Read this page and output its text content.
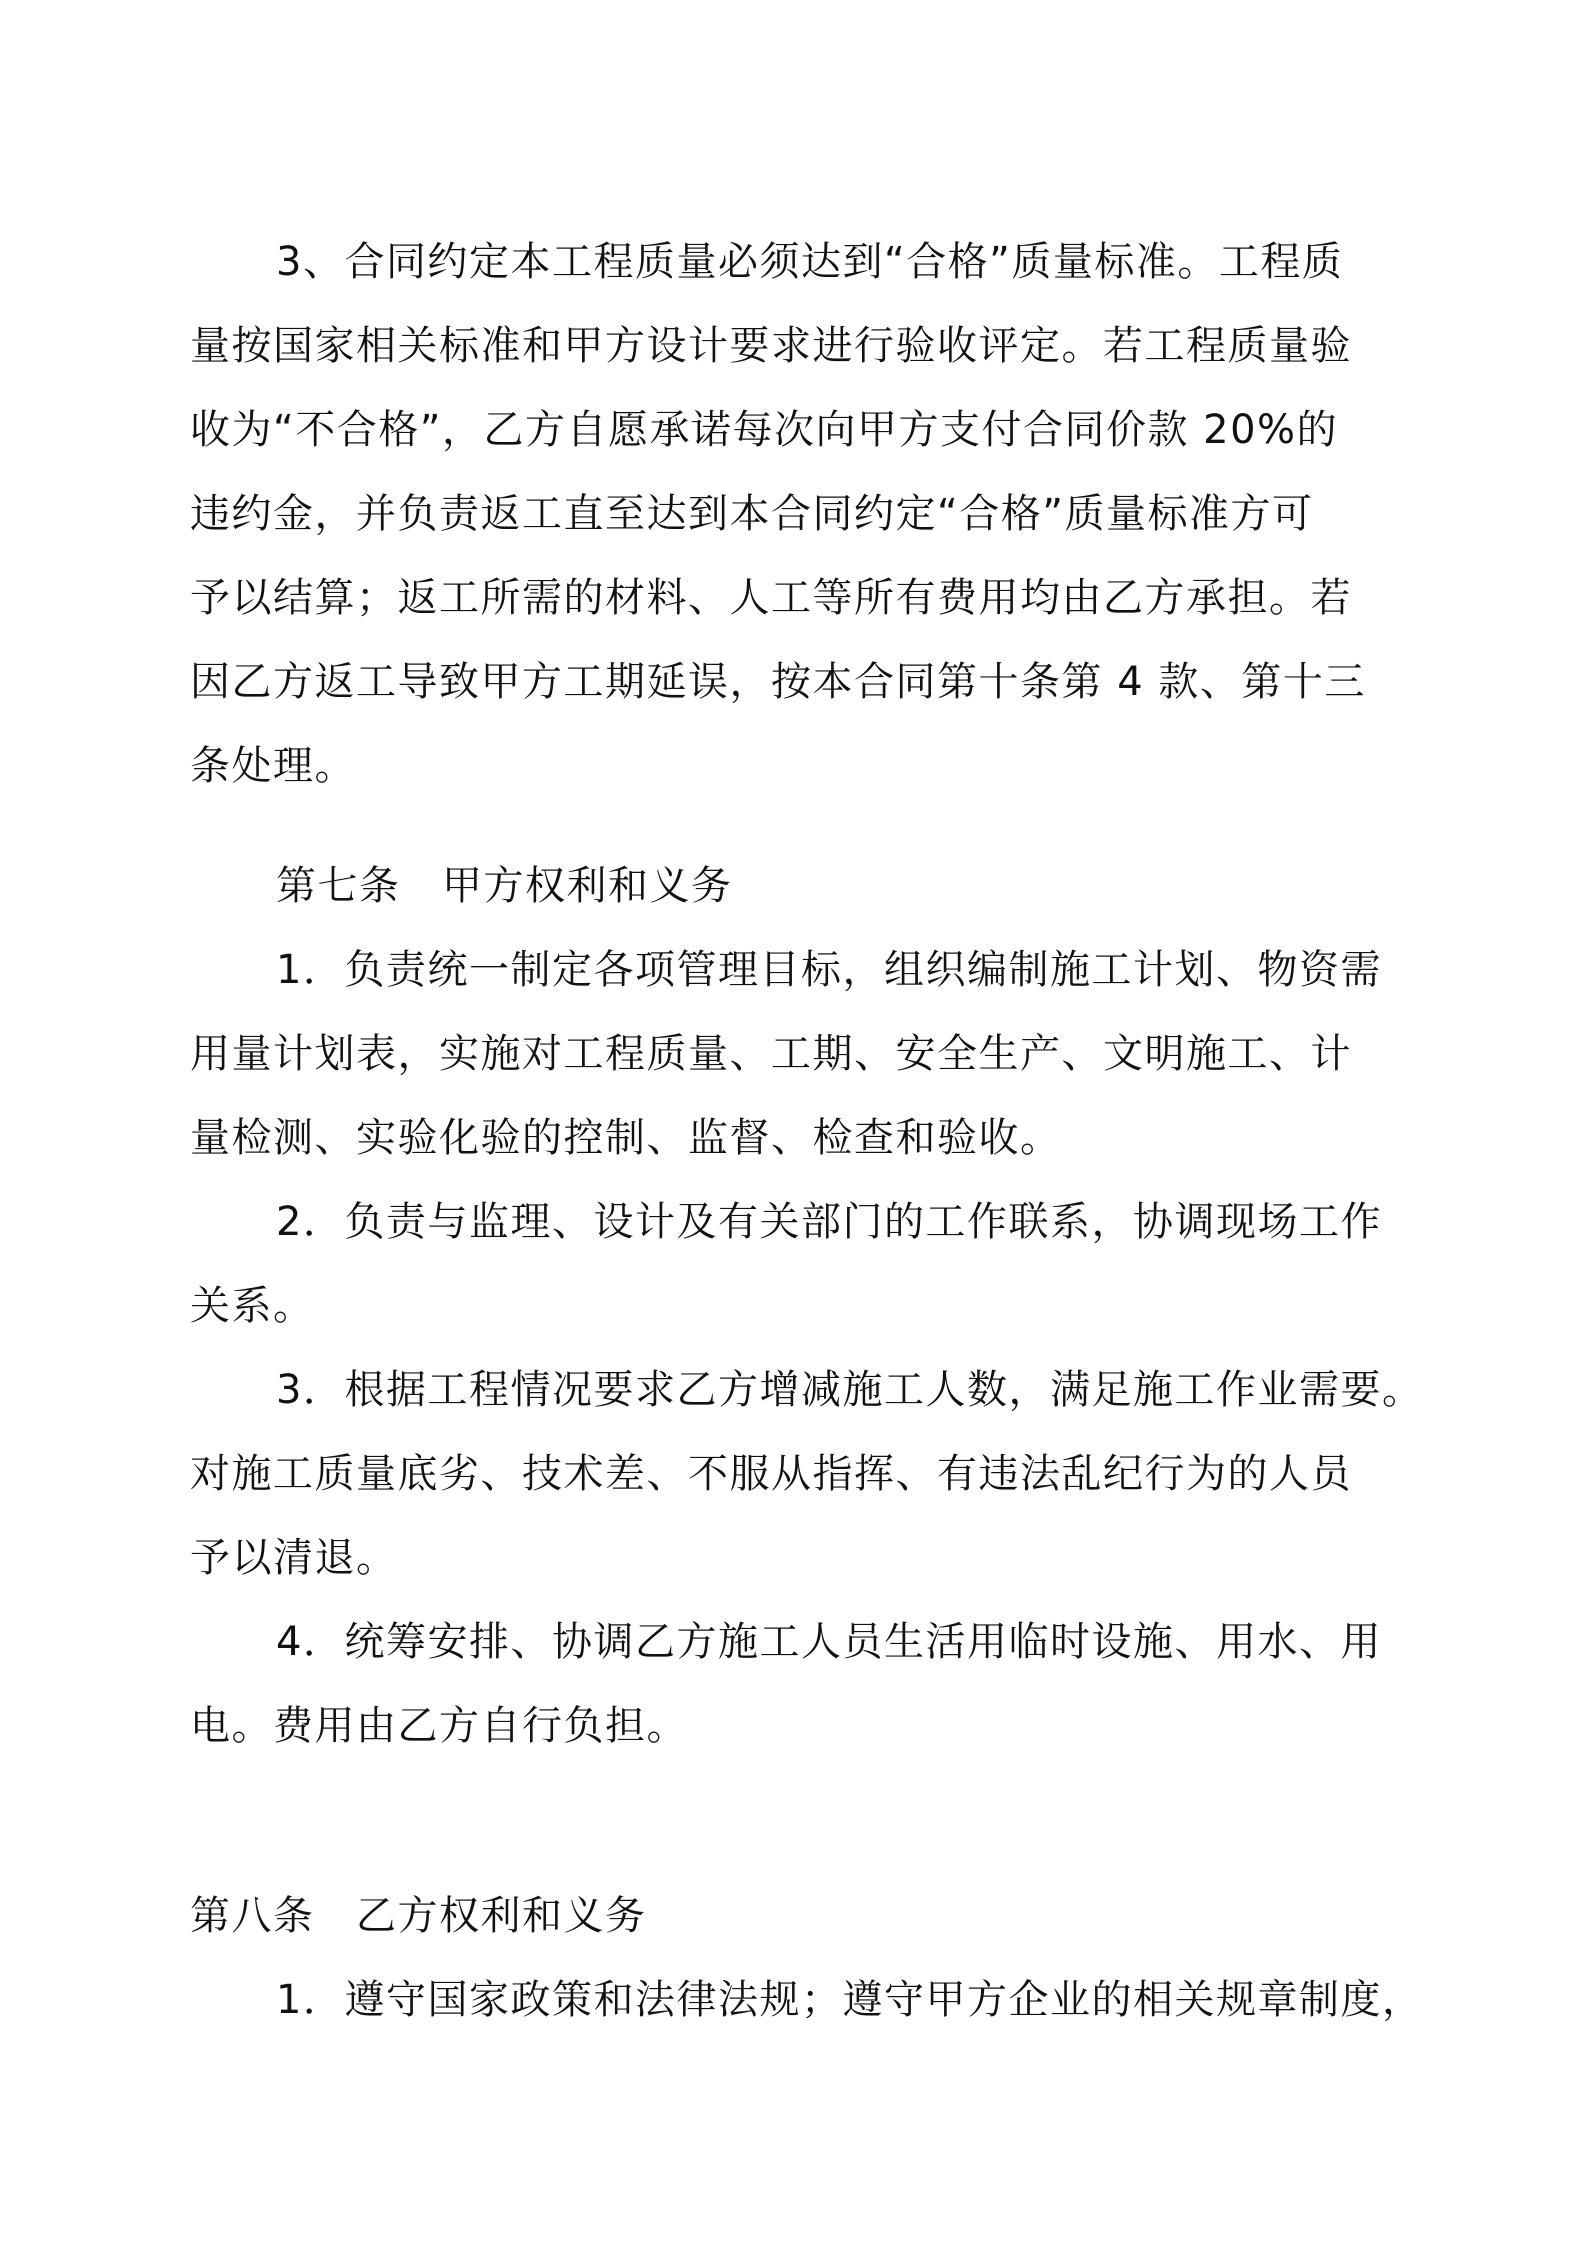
3、合同约定本工程质量必须达到“合格”质量标准。工程质
量按国家相关标准和甲方设计要求进行验收评定。若工程质量验
收为“不合格”，乙方自愿承诺每次向甲方支付合同价款 20%的
违约金，并负责返工直至达到本合同约定“合格”质量标准方可
予以结算；返工所需的材料、人工等所有费用均由乙方承担。若
因乙方返工导致甲方工期延误，按本合同第十条第 4 款、第十三
条处理。
第七条　甲方权利和义务
1．负责统一制定各项管理目标，组织编制施工计划、物资需
用量计划表，实施对工程质量、工期、安全生产、文明施工、计
量检测、实验化验的控制、监督、检查和验收。
2．负责与监理、设计及有关部门的工作联系，协调现场工作
关系。
3．根据工程情况要求乙方增减施工人数，满足施工作业需要。
对施工质量底劣、技术差、不服从指挥、有违法乱纪行为的人员
予以清退。
4．统筹安排、协调乙方施工人员生活用临时设施、用水、用
电。费用由乙方自行负担。
第八条　乙方权利和义务
1．遵守国家政策和法律法规；遵守甲方企业的相关规章制度，
